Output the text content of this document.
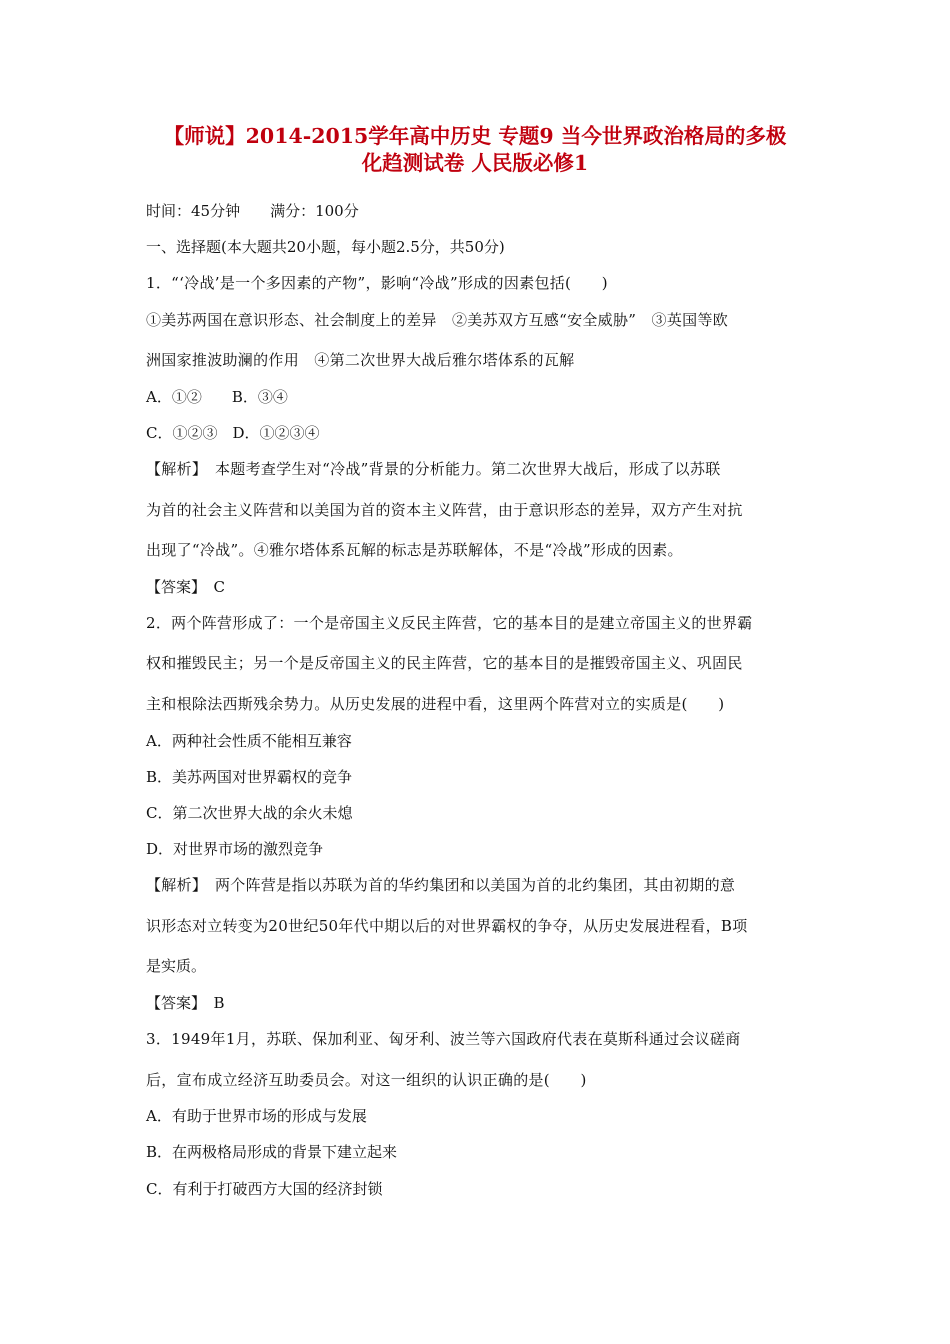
【师说】2014-2015学年高中历史 专题9 当今世界政治格局的多极
化趋测试卷 人民版必修1
时间：45分钟　　满分：100分
一、选择题(本大题共20小题，每小题2.5分，共50分)
1．“‘冷战’是一个多因素的产物”，影响“冷战”形成的因素包括(　　)
①美苏两国在意识形态、社会制度上的差异　②美苏双方互感“安全威胁”　③英国等欧
洲国家推波助澜的作用　④第二次世界大战后雅尔塔体系的瓦解
A．①②　　B．③④
C．①②③　D．①②③④
【解析】　本题考查学生对“冷战”背景的分析能力。第二次世界大战后，形成了以苏联
为首的社会主义阵营和以美国为首的资本主义阵营，由于意识形态的差异，双方产生对抗
出现了“冷战”。④雅尔塔体系瓦解的标志是苏联解体，不是“冷战”形成的因素。
【答案】　C
2．两个阵营形成了：一个是帝国主义反民主阵营，它的基本目的是建立帝国主义的世界霸
权和摧毁民主；另一个是反帝国主义的民主阵营，它的基本目的是摧毁帝国主义、巩固民
主和根除法西斯残余势力。从历史发展的进程中看，这里两个阵营对立的实质是(　　)
A．两种社会性质不能相互兼容
B．美苏两国对世界霸权的竞争
C．第二次世界大战的余火未熄
D．对世界市场的激烈竞争
【解析】　两个阵营是指以苏联为首的华约集团和以美国为首的北约集团，其由初期的意
识形态对立转变为20世纪50年代中期以后的对世界霸权的争夺，从历史发展进程看，B项
是实质。
【答案】　B
3．1949年1月，苏联、保加利亚、匈牙利、波兰等六国政府代表在莫斯科通过会议磋商
后，宣布成立经济互助委员会。对这一组织的认识正确的是(　　)
A．有助于世界市场的形成与发展
B．在两极格局形成的背景下建立起来
C．有利于打破西方大国的经济封锁
